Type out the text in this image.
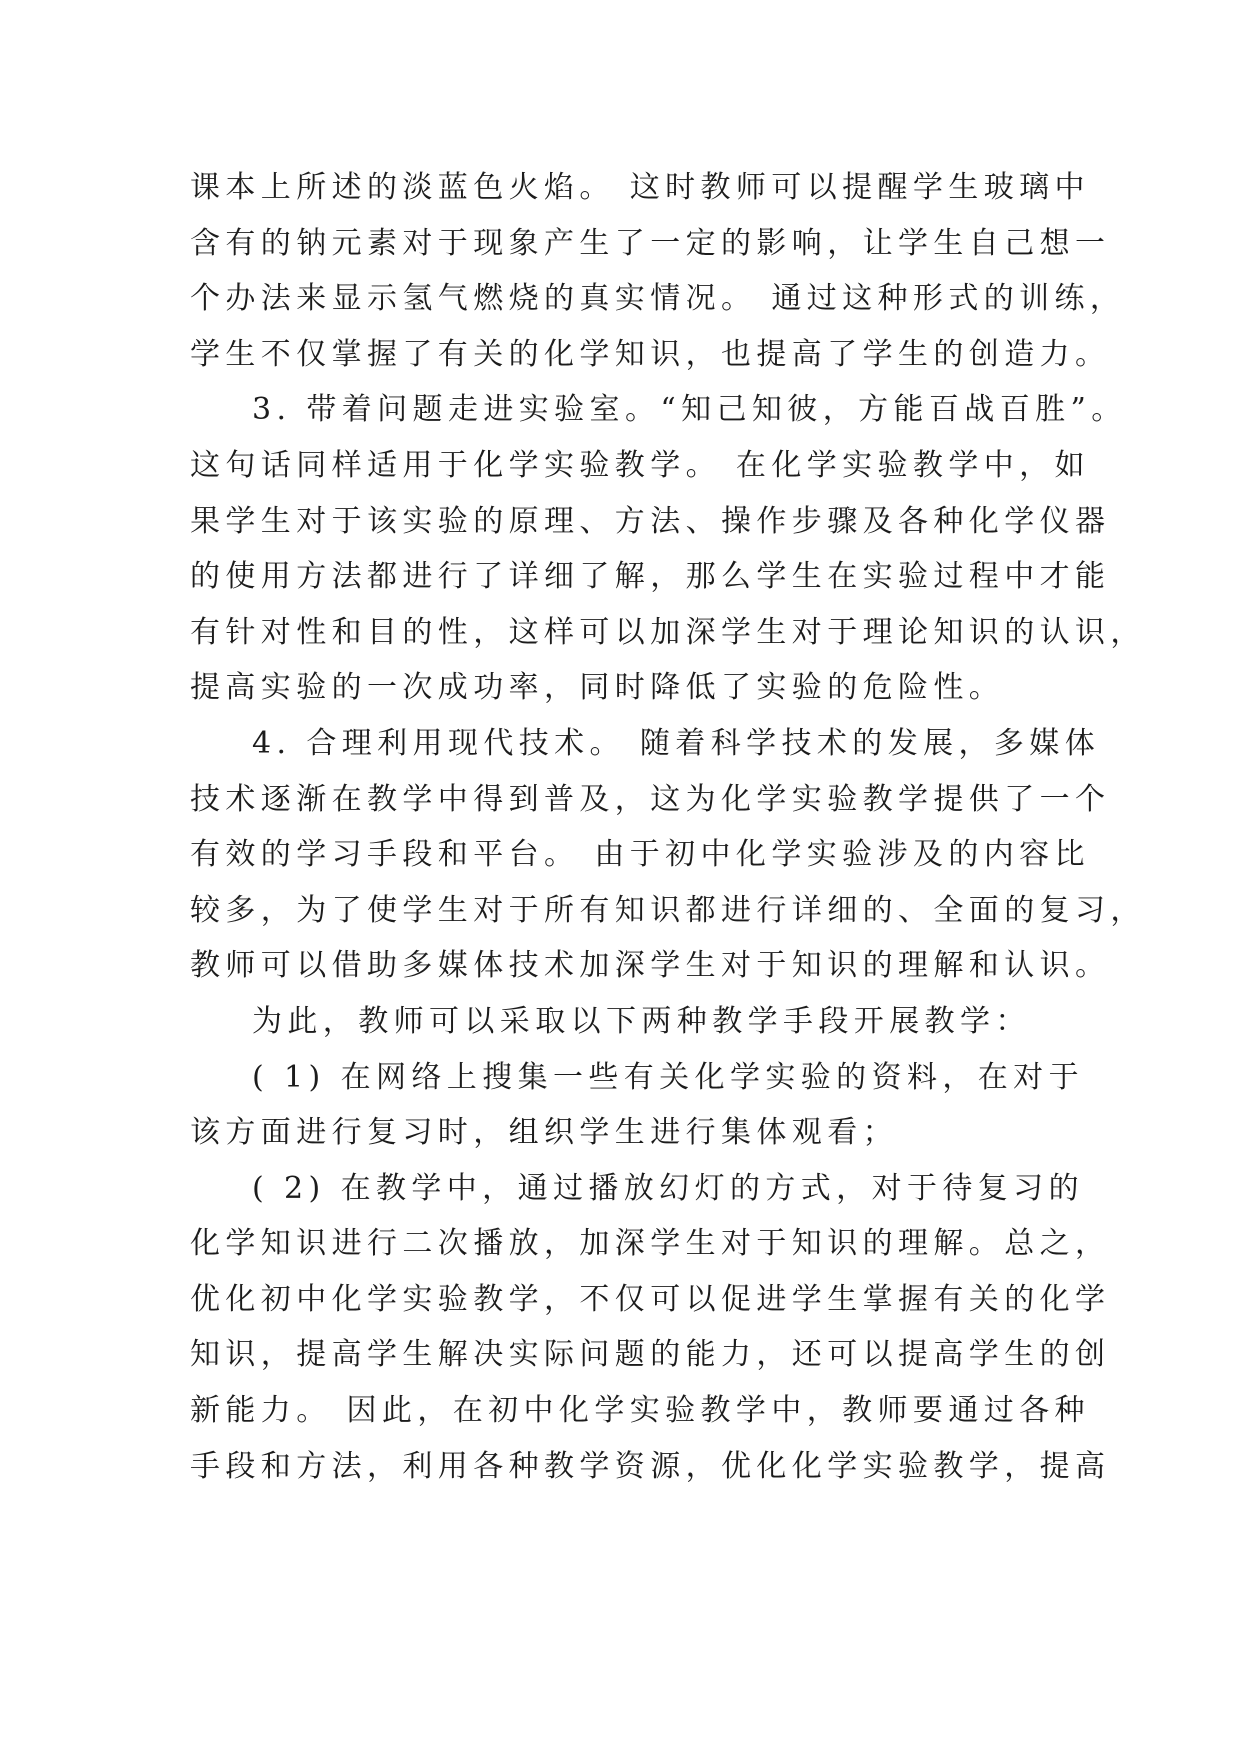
课本上所述的淡蓝色火焰。 这时教师可以提醒学生玻璃中
含有的钠元素对于现象产生了一定的影响，让学生自己想一
个办法来显示氢气燃烧的真实情况。 通过这种形式的训练，
学生不仅掌握了有关的化学知识，也提高了学生的创造力。
3. 带着问题走进实验室。“知己知彼，方能百战百胜”。
这句话同样适用于化学实验教学。 在化学实验教学中，如
果学生对于该实验的原理、方法、操作步骤及各种化学仪器
的使用方法都进行了详细了解，那么学生在实验过程中才能
有针对性和目的性，这样可以加深学生对于理论知识的认识，
提高实验的一次成功率，同时降低了实验的危险性。
4. 合理利用现代技术。 随着科学技术的发展，多媒体
技术逐渐在教学中得到普及，这为化学实验教学提供了一个
有效的学习手段和平台。 由于初中化学实验涉及的内容比
较多，为了使学生对于所有知识都进行详细的、全面的复习，
教师可以借助多媒体技术加深学生对于知识的理解和认识。
为此，教师可以采取以下两种教学手段开展教学：
( 1) 在网络上搜集一些有关化学实验的资料，在对于
该方面进行复习时，组织学生进行集体观看；
( 2) 在教学中，通过播放幻灯的方式，对于待复习的
化学知识进行二次播放，加深学生对于知识的理解。总之，
优化初中化学实验教学，不仅可以促进学生掌握有关的化学
知识，提高学生解决实际问题的能力，还可以提高学生的创
新能力。 因此，在初中化学实验教学中，教师要通过各种
手段和方法，利用各种教学资源，优化化学实验教学，提高
